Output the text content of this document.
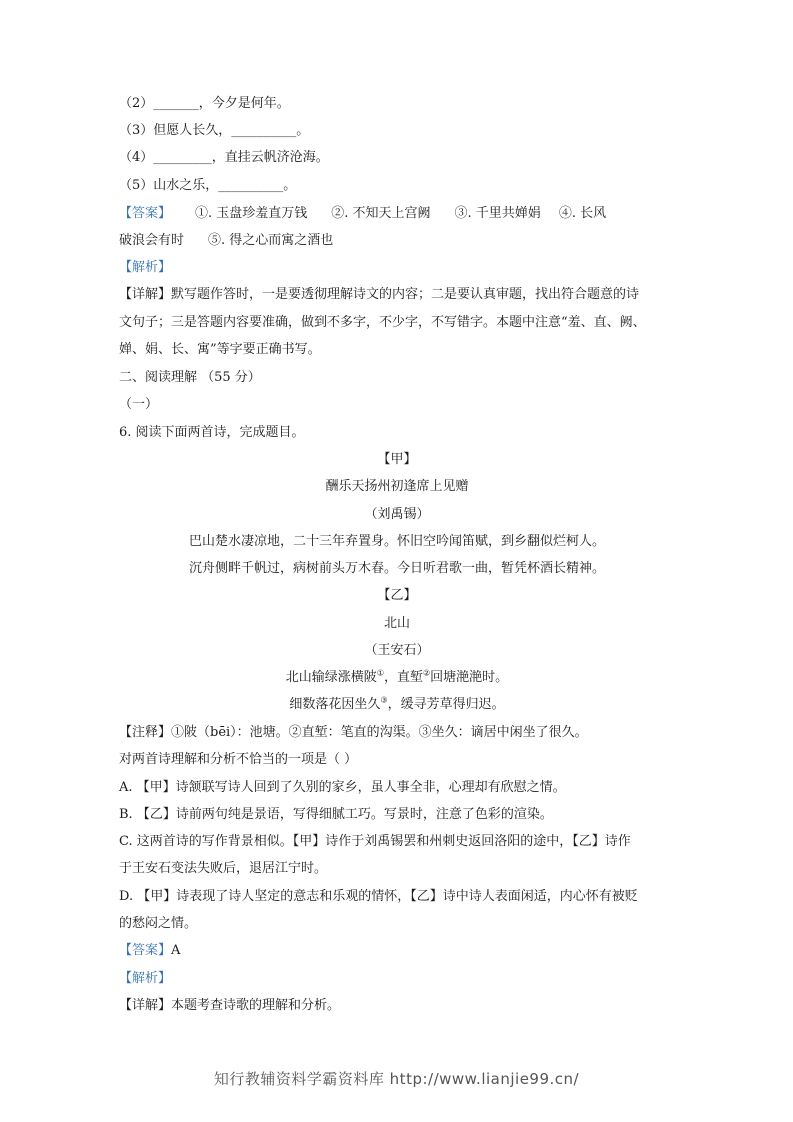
（2）_______，今夕是何年。
（3）但愿人长久，__________。
（4）_________，直挂云帆济沧海。
（5）山水之乐，__________。
【答案】 ①. 玉盘珍羞直万钱 ②. 不知天上宫阙 ③. 千里共婵娟 ④. 长风
破浪会有时 ⑤. 得之心而寓之酒也
【解析】
【详解】默写题作答时，一是要透彻理解诗文的内容；二是要认真审题，找出符合题意的诗
文句子；三是答题内容要准确，做到不多字，不少字，不写错字。本题中注意“羞、直、阙、
婵、娟、长、寓”等字要正确书写。
二、阅读理解 （55 分）
（一）
6. 阅读下面两首诗，完成题目。
【甲】
酬乐天扬州初逢席上见赠
（刘禹锡）
巴山楚水凄凉地，二十三年弃置身。怀旧空吟闻笛赋，到乡翻似烂柯人。
沉舟侧畔千帆过，病树前头万木春。今日听君歌一曲，暂凭杯酒长精神。
【乙】
北山
（王安石）
北山输绿涨横陂①，直堑②回塘滟滟时。
细数落花因坐久③，缓寻芳草得归迟。
【注释】①陂（bēi）：池塘。②直堑：笔直的沟渠。③坐久：谪居中闲坐了很久。
对两首诗理解和分析不恰当的一项是（ ）
A. 【甲】诗颔联写诗人回到了久别的家乡，虽人事全非，心理却有欣慰之情。
B. 【乙】诗前两句纯是景语，写得细腻工巧。写景时，注意了色彩的渲染。
C. 这两首诗的写作背景相似。【甲】诗作于刘禹锡罢和州刺史返回洛阳的途中，【乙】诗作
于王安石变法失败后，退居江宁时。
D. 【甲】诗表现了诗人坚定的意志和乐观的情怀，【乙】诗中诗人表面闲适，内心怀有被贬
的愁闷之情。
【答案】A
【解析】
【详解】本题考查诗歌的理解和分析。
知行教辅资料学霸资料库 http://www.lianjie99.cn/
